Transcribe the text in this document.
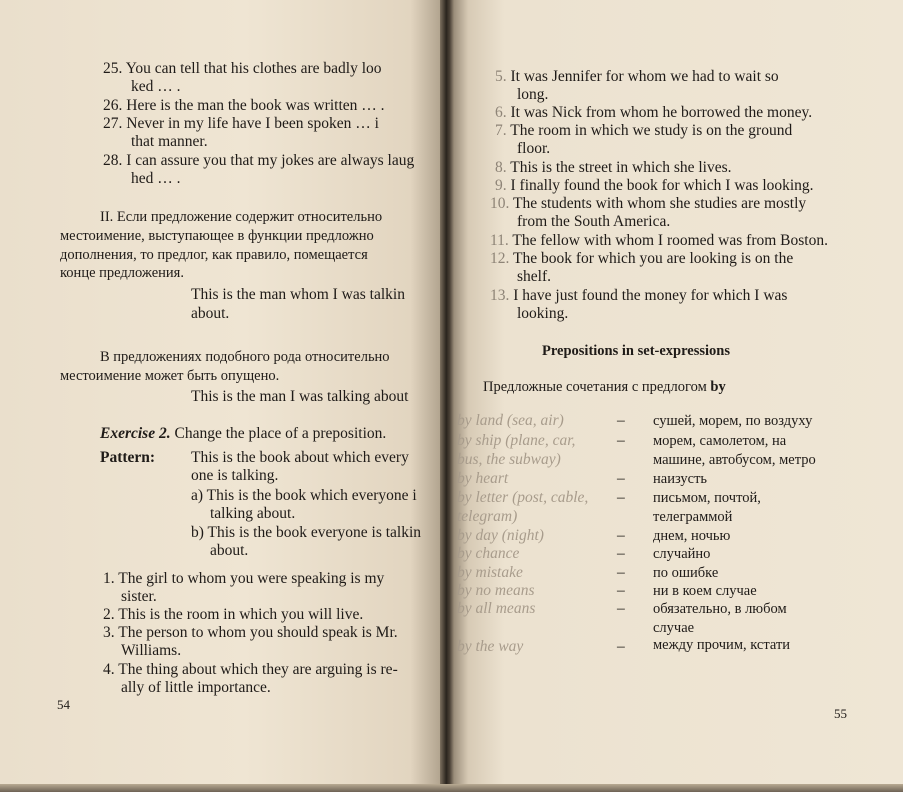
25. You can tell that his clothes are badly loo
ked … .
26. Here is the man the book was written … .
27. Never in my life have I been spoken … i
that manner.
28. I can assure you that my jokes are always laug
hed … .
II. Если предложение содержит относительно
местоимение, выступающее в функции предложно
дополнения, то предлог, как правило, помещается
конце предложения.
This is the man whom I was talkin
about.
В предложениях подобного рода относительно
местоимение может быть опущено.
This is the man I was talking about
Exercise 2. Change the place of a preposition.
Pattern: This is the book about which every
one is talking.
a) This is the book which everyone i
talking about.
b) This is the book everyone is talkin
about.
1. The girl to whom you were speaking is my
sister.
2. This is the room in which you will live.
3. The person to whom you should speak is Mr.
Williams.
4. The thing about which they are arguing is re-
ally of little importance.
54
5. It was Jennifer for whom we had to wait so
long.
6. It was Nick from whom he borrowed the money.
7. The room in which we study is on the ground
floor.
8. This is the street in which she lives.
9. I finally found the book for which I was looking.
10. The students with whom she studies are mostly
from the South America.
11. The fellow with whom I roomed was from Boston.
12. The book for which you are looking is on the
shelf.
13. I have just found the money for which I was
looking.
Prepositions in set-expressions
Предложные сочетания с предлогом by
by land (sea, air)	– сушей, морем, по воздуху
by ship (plane, car,	– морем, самолетом, на
bus, the subway)	машине, автобусом, метро
by heart	– наизусть
by letter (post, cable, – письмом, почтой,
telegram)	телеграммой
by day (night)	– днем, ночью
by chance	– случайно
by mistake	– по ошибке
by no means	– ни в коем случае
by all means	– обязательно, в любом
случае
by the way	– между прочим, кстати
55
